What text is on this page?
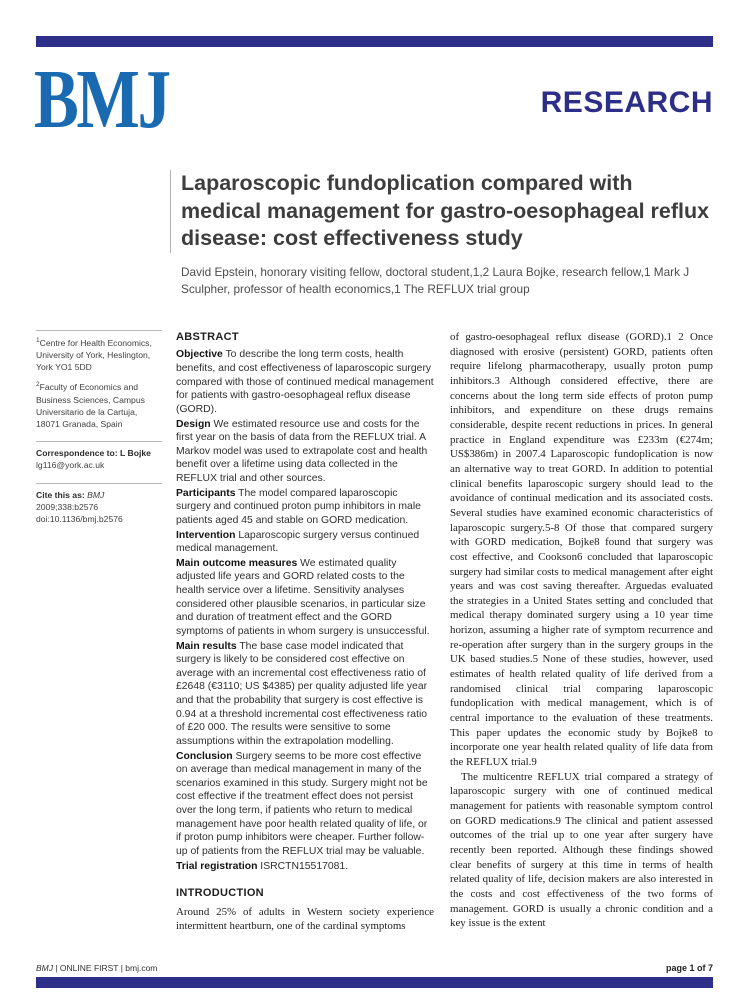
BMJ	RESEARCH
Laparoscopic fundoplication compared with medical management for gastro-oesophageal reflux disease: cost effectiveness study

David Epstein, honorary visiting fellow, doctoral student,1,2 Laura Bojke, research fellow,1 Mark J Sculpher, professor of health economics,1 The REFLUX trial group

$^1$Centre for Health Economics, University of York, Heslington, York YO1 5DD

$^2$Faculty of Economics and Business Sciences, Campus Universitario de la Cartuja, 18071 Granada, Spain

Correspondence to: L Bojke
lg116@york.ac.uk

Cite this as: BMJ 2009;338:b2576
doi:10.1136/bmj.b2576

ABSTRACT

Objective To describe the long term costs, health benefits, and cost effectiveness of laparoscopic surgery compared with those of continued medical management for patients with gastro-oesophageal reflux disease (GORD).

Design We estimated resource use and costs for the first year on the basis of data from the REFLUX trial. A Markov model was used to extrapolate cost and health benefit over a lifetime using data collected in the REFLUX trial and other sources.

Participants The model compared laparoscopic surgery and continued proton pump inhibitors in male patients aged 45 and stable on GORD medication.

Intervention Laparoscopic surgery versus continued medical management.

Main outcome measures We estimated quality adjusted life years and GORD related costs to the health service over a lifetime. Sensitivity analyses considered other plausible scenarios, in particular size and duration of treatment effect and the GORD symptoms of patients in whom surgery is unsuccessful.

Main results The base case model indicated that surgery is likely to be considered cost effective on average with an incremental cost effectiveness ratio of £2648 (€3110; US $4385) per quality adjusted life year and that the probability that surgery is cost effective is 0.94 at a threshold incremental cost effectiveness ratio of £20 000. The results were sensitive to some assumptions within the extrapolation modelling.

Conclusion Surgery seems to be more cost effective on average than medical management in many of the scenarios examined in this study. Surgery might not be cost effective if the treatment effect does not persist over the long term, if patients who return to medical management have poor health related quality of life, or if proton pump inhibitors were cheaper. Further follow-up of patients from the REFLUX trial may be valuable.

Trial registration ISRCTN15517081.

INTRODUCTION

Around 25% of adults in Western society experience intermittent heartburn, one of the cardinal symptoms

of gastro-oesophageal reflux disease (GORD).1 2 Once diagnosed with erosive (persistent) GORD, patients often require lifelong pharmacotherapy, usually proton pump inhibitors.3 Although considered effective, there are concerns about the long term side effects of proton pump inhibitors, and expenditure on these drugs remains considerable, despite recent reductions in prices. In general practice in England expenditure was £233m (€274m; US$386m) in 2007.4 Laparoscopic fundoplication is now an alternative way to treat GORD. In addition to potential clinical benefits laparoscopic surgery should lead to the avoidance of continual medication and its associated costs. Several studies have examined economic characteristics of laparoscopic surgery.5-8 Of those that compared surgery with GORD medication, Bojke8 found that surgery was cost effective, and Cookson6 concluded that laparoscopic surgery had similar costs to medical management after eight years and was cost saving thereafter. Arguedas evaluated the strategies in a United States setting and concluded that medical therapy dominated surgery using a 10 year time horizon, assuming a higher rate of symptom recurrence and re-operation after surgery than in the surgery groups in the UK based studies.5 None of these studies, however, used estimates of health related quality of life derived from a randomised clinical trial comparing laparoscopic fundoplication with medical management, which is of central importance to the evaluation of these treatments. This paper updates the economic study by Bojke8 to incorporate one year health related quality of life data from the REFLUX trial.9

The multicentre REFLUX trial compared a strategy of laparoscopic surgery with one of continued medical management for patients with reasonable symptom control on GORD medications.9 The clinical and patient assessed outcomes of the trial up to one year after surgery have recently been reported. Although these findings showed clear benefits of surgery at this time in terms of health related quality of life, decision makers are also interested in the costs and cost effectiveness of the two forms of management. GORD is usually a chronic condition and a key issue is the extent

BMJ | ONLINE FIRST | bmj.com	page 1 of 7
